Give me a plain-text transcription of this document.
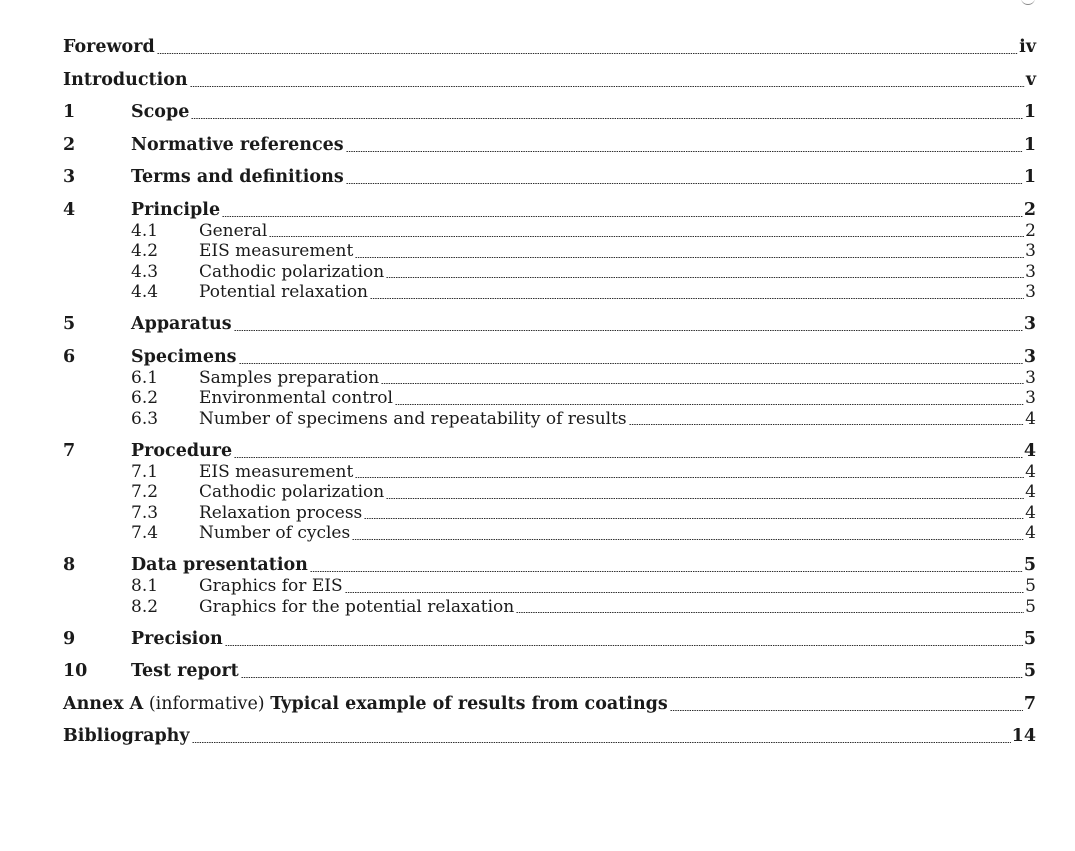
Foreword	iv
Introduction	v
1	Scope	1
2	Normative references	1
3	Terms and definitions	1
4	Principle	2
4.1	General	2
4.2	EIS measurement	3
4.3	Cathodic polarization	3
4.4	Potential relaxation	3
5	Apparatus	3
6	Specimens	3
6.1	Samples preparation	3
6.2	Environmental control	3
6.3	Number of specimens and repeatability of results	4
7	Procedure	4
7.1	EIS measurement	4
7.2	Cathodic polarization	4
7.3	Relaxation process	4
7.4	Number of cycles	4
8	Data presentation	5
8.1	Graphics for EIS	5
8.2	Graphics for the potential relaxation	5
9	Precision	5
10	Test report	5
Annex A (informative) Typical example of results from coatings	7
Bibliography	14
